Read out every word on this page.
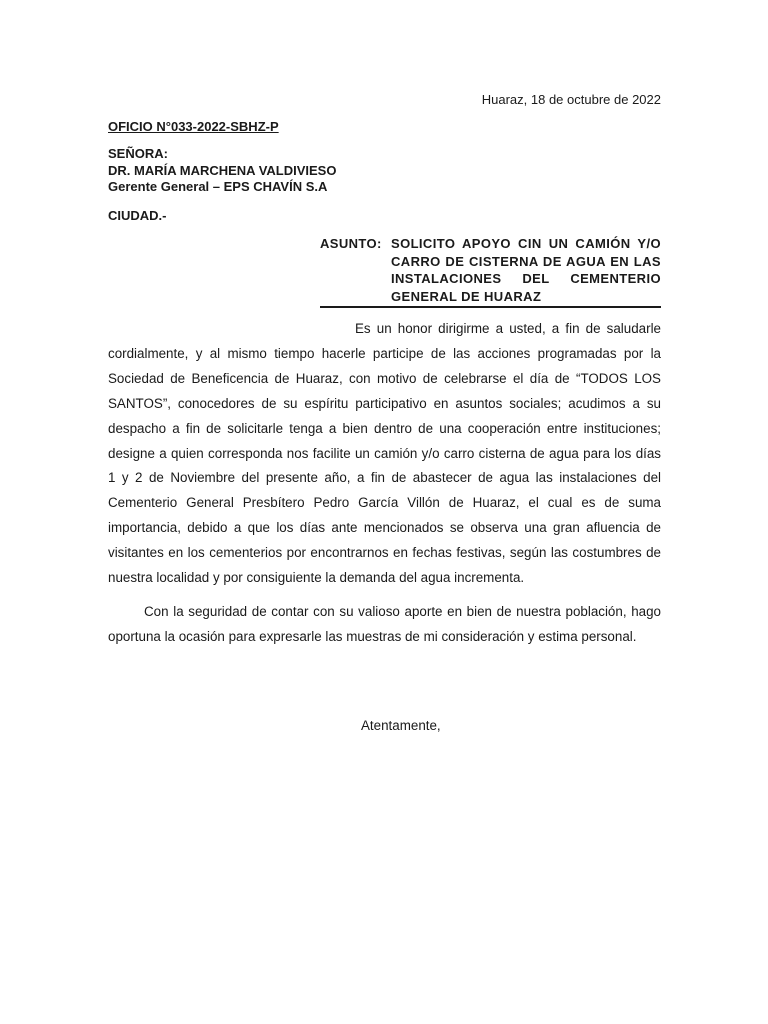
Huaraz, 18 de octubre de 2022
OFICIO N°033-2022-SBHZ-P
SEÑORA:
DR. MARÍA MARCHENA VALDIVIESO
Gerente General – EPS CHAVÍN S.A
CIUDAD.-
ASUNTO: SOLICITO APOYO CIN UN CAMIÓN Y/O CARRO DE CISTERNA DE AGUA EN LAS INSTALACIONES DEL CEMENTERIO GENERAL DE HUARAZ

Es un honor dirigirme a usted, a fin de saludarle cordialmente, y al mismo tiempo hacerle participe de las acciones programadas por la Sociedad de Beneficencia de Huaraz, con motivo de celebrarse el día de “TODOS LOS SANTOS”, conocedores de su espíritu participativo en asuntos sociales; acudimos a su despacho a fin de solicitarle tenga a bien dentro de una cooperación entre instituciones; designe a quien corresponda nos facilite un camión y/o carro cisterna de agua para los días 1 y 2 de Noviembre del presente año, a fin de abastecer de agua las instalaciones del Cementerio General Presbítero Pedro García Villón de Huaraz, el cual es de suma importancia, debido a que los días ante mencionados se observa una gran afluencia de visitantes en los cementerios por encontrarnos en fechas festivas, según las costumbres de nuestra localidad y por consiguiente la demanda del agua incrementa.

Con la seguridad de contar con su valioso aporte en bien de nuestra población, hago oportuna la ocasión para expresarle las muestras de mi consideración y estima personal.

Atentamente,
